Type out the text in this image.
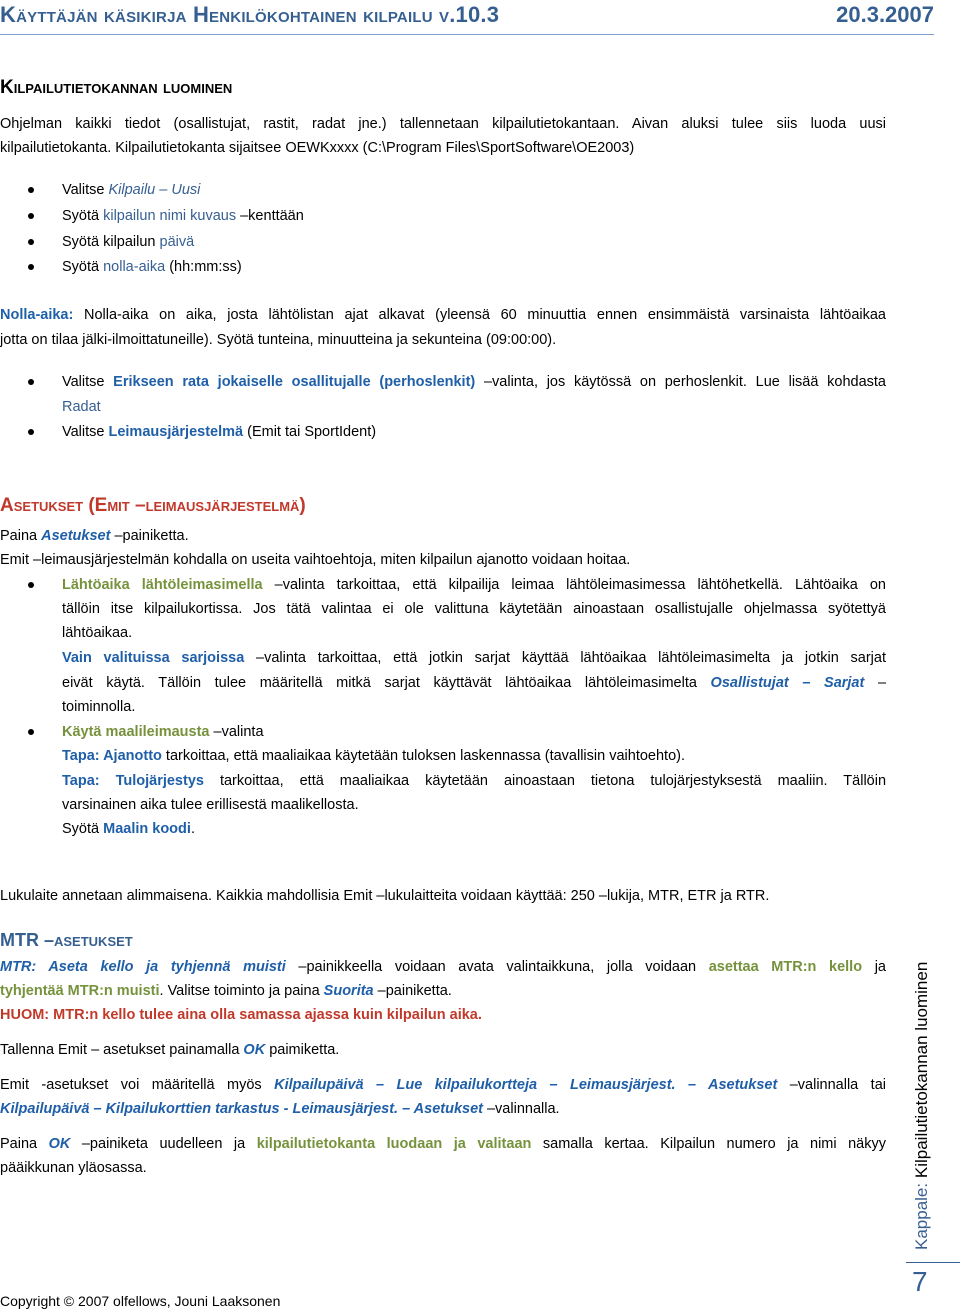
Käyttäjän käsikirja Henkilökohtainen kilpailu v.10.3	20.3.2007
Kilpailutietokannan luominen
Ohjelman kaikki tiedot (osallistujat, rastit, radat jne.) tallennetaan kilpailutietokantaan. Aivan aluksi tulee siis luoda uusi
kilpailutietokanta. Kilpailutietokanta sijaitsee OEWKxxxx (C:\Program Files\SportSoftware\OE2003)
Valitse Kilpailu – Uusi
Syötä kilpailun nimi kuvaus –kenttään
Syötä kilpailun päivä
Syötä nolla-aika (hh:mm:ss)
Nolla-aika: Nolla-aika on aika, josta lähtölistan ajat alkavat (yleensä 60 minuuttia ennen ensimmäistä varsinaista lähtöaikaa
jotta on tilaa jälki-ilmoittatuneille). Syötä tunteina, minuutteina ja sekunteina (09:00:00).
Valitse Erikseen rata jokaiselle osallitujalle (perhoslenkit) –valinta, jos käytössä on perhoslenkit. Lue lisää kohdasta
Radat
Valitse Leimausjärjestelmä (Emit tai SportIdent)
Asetukset (Emit –leimausjärjestelmä)
Paina Asetukset –painiketta.
Emit –leimausjärjestelmän kohdalla on useita vaihtoehtoja, miten kilpailun ajanotto voidaan hoitaa.
Lähtöaika lähtöleimasimella –valinta tarkoittaa, että kilpailija leimaa lähtöleimasimessa lähtöhetkellä. Lähtöaika on
tällöin itse kilpailukortissa. Jos tätä valintaa ei ole valittuna käytetään ainoastaan osallistujalle ohjelmassa syötettyä
lähtöaikaa.
Vain valituissa sarjoissa –valinta tarkoittaa, että jotkin sarjat käyttää lähtöaikaa lähtöleimasimelta ja jotkin sarjat
eivät käytä. Tällöin tulee määritellä mitkä sarjat käyttävät lähtöaikaa lähtöleimasimelta Osallistujat – Sarjat –
toiminnolla.
Käytä maalileimausta –valinta
Tapa: Ajanotto tarkoittaa, että maaliaikaa käytetään tuloksen laskennassa (tavallisin vaihtoehto).
Tapa: Tulojärjestys tarkoittaa, että maaliaikaa käytetään ainoastaan tietona tulojärjestyksestä maaliin. Tällöin
varsinainen aika tulee erillisestä maalikellosta.
Syötä Maalin koodi.
Lukulaite annetaan alimmaisena. Kaikkia mahdollisia Emit –lukulaitteita voidaan käyttää: 250 –lukija, MTR, ETR ja RTR.
MTR –asetukset
MTR: Aseta kello ja tyhjennä muisti –painikkeella voidaan avata valintaikkuna, jolla voidaan asettaa MTR:n kello ja
tyhjentää MTR:n muisti. Valitse toiminto ja paina Suorita –painiketta.
HUOM: MTR:n kello tulee aina olla samassa ajassa kuin kilpailun aika.
Tallenna Emit – asetukset painamalla OK paimiketta.
Emit -asetukset voi määritellä myös Kilpailupäivä – Lue kilpailukortteja – Leimausjärjest. – Asetukset –valinnalla tai
Kilpailupäivä – Kilpailukorttien tarkastus - Leimausjärjest. – Asetukset –valinnalla.
Paina OK –painiketa uudelleen ja kilpailutietokanta luodaan ja valitaan samalla kertaa. Kilpailun numero ja nimi näkyy
pääikkunan yläosassa.
Kappale: Kilpailutietokannan luominen
7
Copyright © 2007 olfellows, Jouni Laaksonen
